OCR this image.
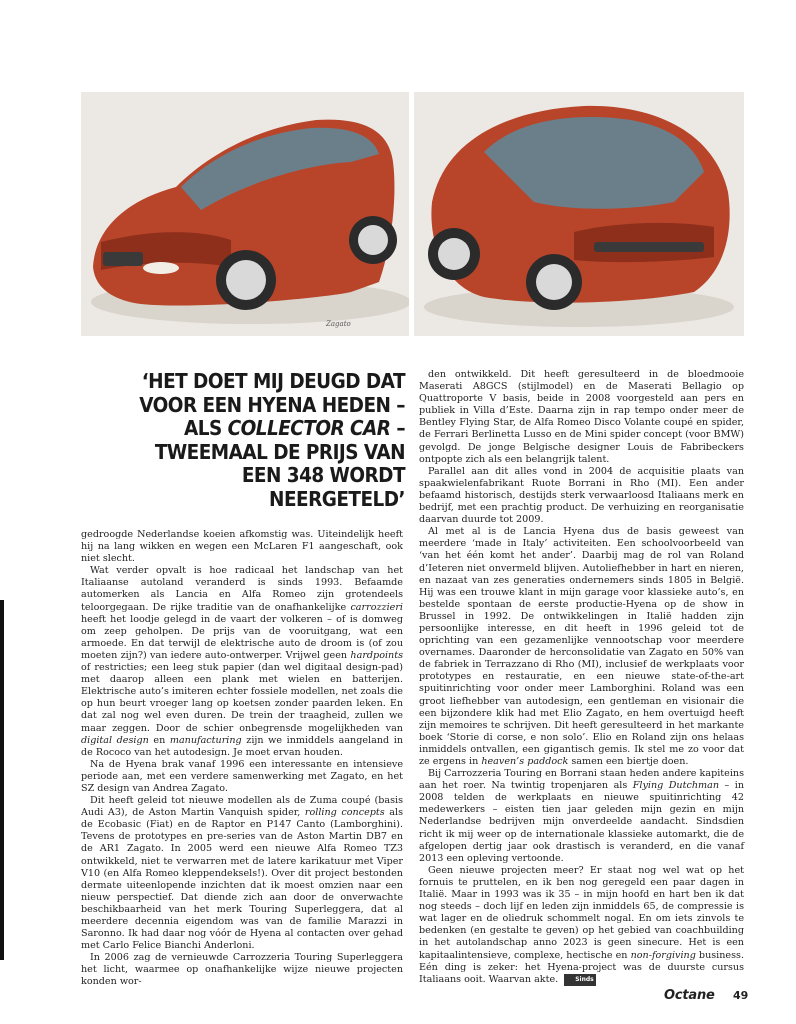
Zagato
‘HET DOET MIJ DEUGD DAT VOOR EEN HYENA HEDEN – ALS COLLECTOR CAR – TWEEMAAL DE PRIJS VAN EEN 348 WORDT NEERGETELD’

gedroogde Nederlandse koeien afkomstig was. Uiteindelijk heeft hij na lang wikken en wegen een McLaren F1 aangeschaft, ook niet slecht.

Wat verder opvalt is hoe radicaal het landschap van het Italiaanse autoland veranderd is sinds 1993. Befaamde automerken als Lancia en Alfa Romeo zijn grotendeels teloorgegaan. De rijke traditie van de onafhankelijke carrozzieri heeft het loodje gelegd in de vaart der volkeren – of is domweg om zeep geholpen. De prijs van de vooruitgang, wat een armoede. En dat terwijl de elektrische auto de droom is (of zou moeten zijn?) van iedere auto-ontwerper. Vrijwel geen hardpoints of restricties; een leeg stuk papier (dan wel digitaal design-pad) met daarop alleen een plank met wielen en batterijen. Elektrische auto’s imiteren echter fossiele modellen, net zoals die op hun beurt vroeger lang op koetsen zonder paarden leken. En dat zal nog wel even duren. De trein der traagheid, zullen we maar zeggen. Door de schier onbegrensde mogelijkheden van digital design en manufacturing zijn we inmiddels aangeland in de Rococo van het autodesign. Je moet ervan houden.

Na de Hyena brak vanaf 1996 een interessante en intensieve periode aan, met een verdere samenwerking met Zagato, en het SZ design van Andrea Zagato.

Dit heeft geleid tot nieuwe modellen als de Zuma coupé (basis Audi A3), de Aston Martin Vanquish spider, rolling concepts als de Ecobasic (Fiat) en de Raptor en P147 Canto (Lamborghini). Tevens de prototypes en pre-series van de Aston Martin DB7 en de AR1 Zagato. In 2005 werd een nieuwe Alfa Romeo TZ3 ontwikkeld, niet te verwarren met de latere karikatuur met Viper V10 (en Alfa Romeo kleppendeksels!). Over dit project bestonden dermate uiteenlopende inzichten dat ik moest omzien naar een nieuw perspectief. Dat diende zich aan door de onverwachte beschikbaarheid van het merk Touring Superleggera, dat al meerdere decennia eigendom was van de familie Marazzi in Saronno. Ik had daar nog vóór de Hyena al contacten over gehad met Carlo Felice Bianchi Anderloni.

In 2006 zag de vernieuwde Carrozzeria Touring Superleggera het licht, waarmee op onafhankelijke wijze nieuwe projecten konden wor-

den ontwikkeld. Dit heeft geresulteerd in de bloedmooie Maserati A8GCS (stijlmodel) en de Maserati Bellagio op Quattroporte V basis, beide in 2008 voorgesteld aan pers en publiek in Villa d’Este. Daarna zijn in rap tempo onder meer de Bentley Flying Star, de Alfa Romeo Disco Volante coupé en spider, de Ferrari Berlinetta Lusso en de Mini spider concept (voor BMW) gevolgd. De jonge Belgische designer Louis de Fabribeckers ontpopte zich als een belangrijk talent.

Parallel aan dit alles vond in 2004 de acquisitie plaats van spaakwielenfabrikant Ruote Borrani in Rho (MI). Een ander befaamd historisch, destijds sterk verwaarloosd Italiaans merk en bedrijf, met een prachtig product. De verhuizing en reorganisatie daarvan duurde tot 2009.

Al met al is de Lancia Hyena dus de basis geweest van meerdere ‘made in Italy’ activiteiten. Een schoolvoorbeeld van ‘van het één komt het ander’. Daarbij mag de rol van Roland d’Ieteren niet onvermeld blijven. Autoliefhebber in hart en nieren, en nazaat van zes generaties ondernemers sinds 1805 in België. Hij was een trouwe klant in mijn garage voor klassieke auto’s, en bestelde spontaan de eerste productie-Hyena op de show in Brussel in 1992. De ontwikkelingen in Italië hadden zijn persoonlijke interesse, en dit heeft in 1996 geleid tot de oprichting van een gezamenlijke vennootschap voor meerdere overnames. Daaronder de herconsolidatie van Zagato en 50% van de fabriek in Terrazzano di Rho (MI), inclusief de werkplaats voor prototypes en restauratie, en een nieuwe state-of-the-art spuitinrichting voor onder meer Lamborghini. Roland was een groot liefhebber van autodesign, een gentleman en visionair die een bijzondere klik had met Elio Zagato, en hem overtuigd heeft zijn memoires te schrijven. Dit heeft geresulteerd in het markante boek ‘Storie di corse, e non solo’. Elio en Roland zijn ons helaas inmiddels ontvallen, een gigantisch gemis. Ik stel me zo voor dat ze ergens in heaven’s paddock samen een biertje doen.

Bij Carrozzeria Touring en Borrani staan heden andere kapiteins aan het roer. Na twintig tropenjaren als Flying Dutchman – in 2008 telden de werkplaats en nieuwe spuitinrichting 42 medewerkers – eisten tien jaar geleden mijn gezin en mijn Nederlandse bedrijven mijn onverdeelde aandacht. Sindsdien richt ik mij weer op de internationale klassieke automarkt, die de afgelopen dertig jaar ook drastisch is veranderd, en die vanaf 2013 een opleving vertoonde.

Geen nieuwe projecten meer? Er staat nog wel wat op het fornuis te pruttelen, en ik ben nog geregeld een paar dagen in Italië. Maar in 1993 was ik 35 – in mijn hoofd en hart ben ik dat nog steeds – doch lijf en leden zijn inmiddels 65, de compressie is wat lager en de oliedruk schommelt nogal. En om iets zinvols te bedenken (en gestalte te geven) op het gebied van coachbuilding in het autolandschap anno 2023 is geen sinecure. Het is een kapitaalintensieve, complexe, hectische en non-forgiving business. Eén ding is zeker: het Hyena-project was de duurste cursus Italiaans ooit. Waarvan akte.	Sinds

Octane 49
